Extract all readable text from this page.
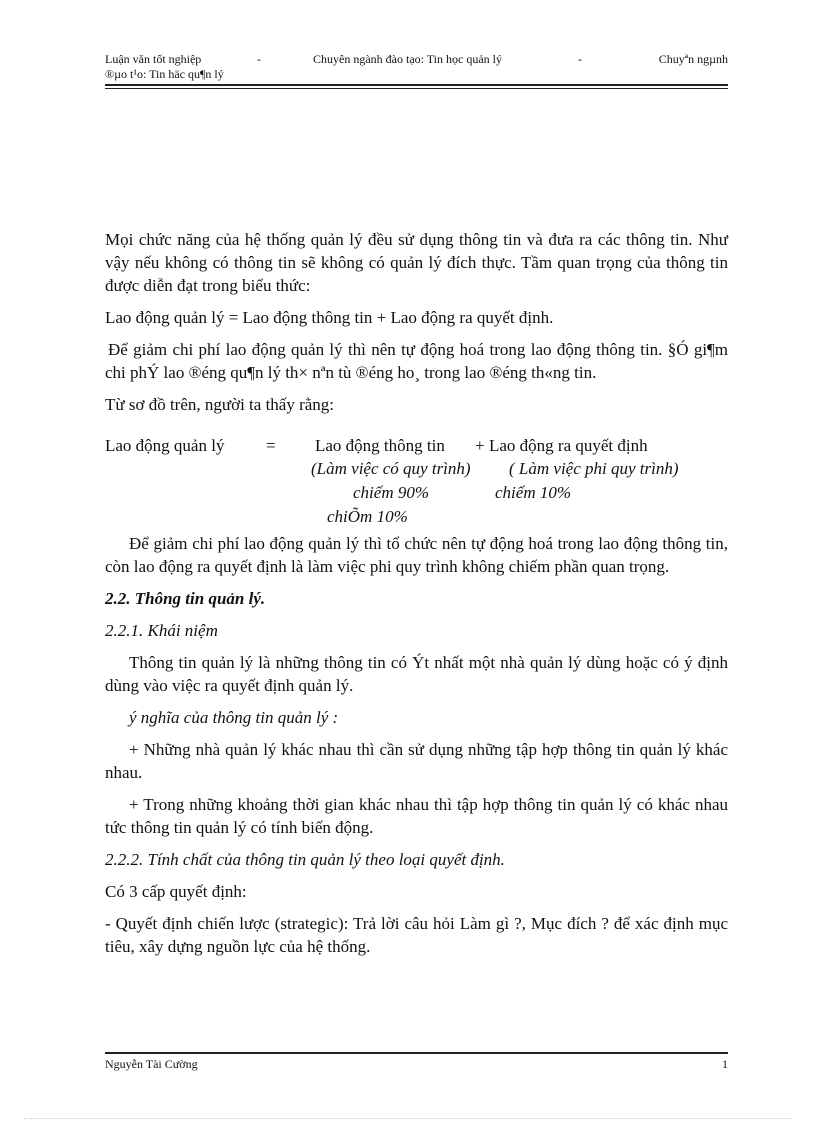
Luận văn tốt nghiệp	-	Chuyên ngành đào tạo: Tin học quản lý	-	Chuyªn ngµnh
®µo t¹o: Tin häc qu¶n lý

Mọi chức năng của hệ thống quản lý đều sử dụng thông tin và đưa ra các thông tin. Như vậy nếu không có thông tin sẽ không có quản lý đích thực. Tầm quan trọng của thông tin được diễn đạt trong biểu thức:

Lao động quản lý = Lao động thông tin + Lao động ra quyết định.

Để giảm chi phí lao động quản lý thì nên tự động hoá trong lao động thông tin. §Ó gi¶m chi phÝ lao ®éng qu¶n lý th× nªn tù ®éng ho¸ trong lao ®éng th«ng tin.

Từ sơ đồ trên, người ta thấy rằng:

Lao động quản lý = Lao động thông tin + Lao động ra quyết định
(Làm việc có quy trình) ( Làm việc phi quy trình)
chiếm 90%	chiếm 10%
chiÕm 10%

Để giảm chi phí lao động quản lý thì tổ chức nên tự động hoá trong lao động thông tin, còn lao động ra quyết định là làm việc phi quy trình không chiếm phần quan trọng.

2.2. Thông tin quản lý.

2.2.1. Khái niệm

Thông tin quản lý là những thông tin có Ýt nhất một nhà quản lý dùng hoặc có ý định dùng vào việc ra quyết định quản lý.

ý nghĩa của thông tin quản lý :

+ Những nhà quản lý khác nhau thì cần sử dụng những tập hợp thông tin quản lý khác nhau.

+ Trong những khoảng thời gian khác nhau thì tập hợp thông tin quản lý có khác nhau tức thông tin quản lý có tính biến động.

2.2.2. Tính chất của thông tin quản lý theo loại quyết định.

Có 3 cấp quyết định:

- Quyết định chiến lược (strategic): Trả lời câu hỏi Làm gì ?, Mục đích ? để xác định mục tiêu, xây dựng nguồn lực của hệ thống.

Nguyễn Tài Cường	1
